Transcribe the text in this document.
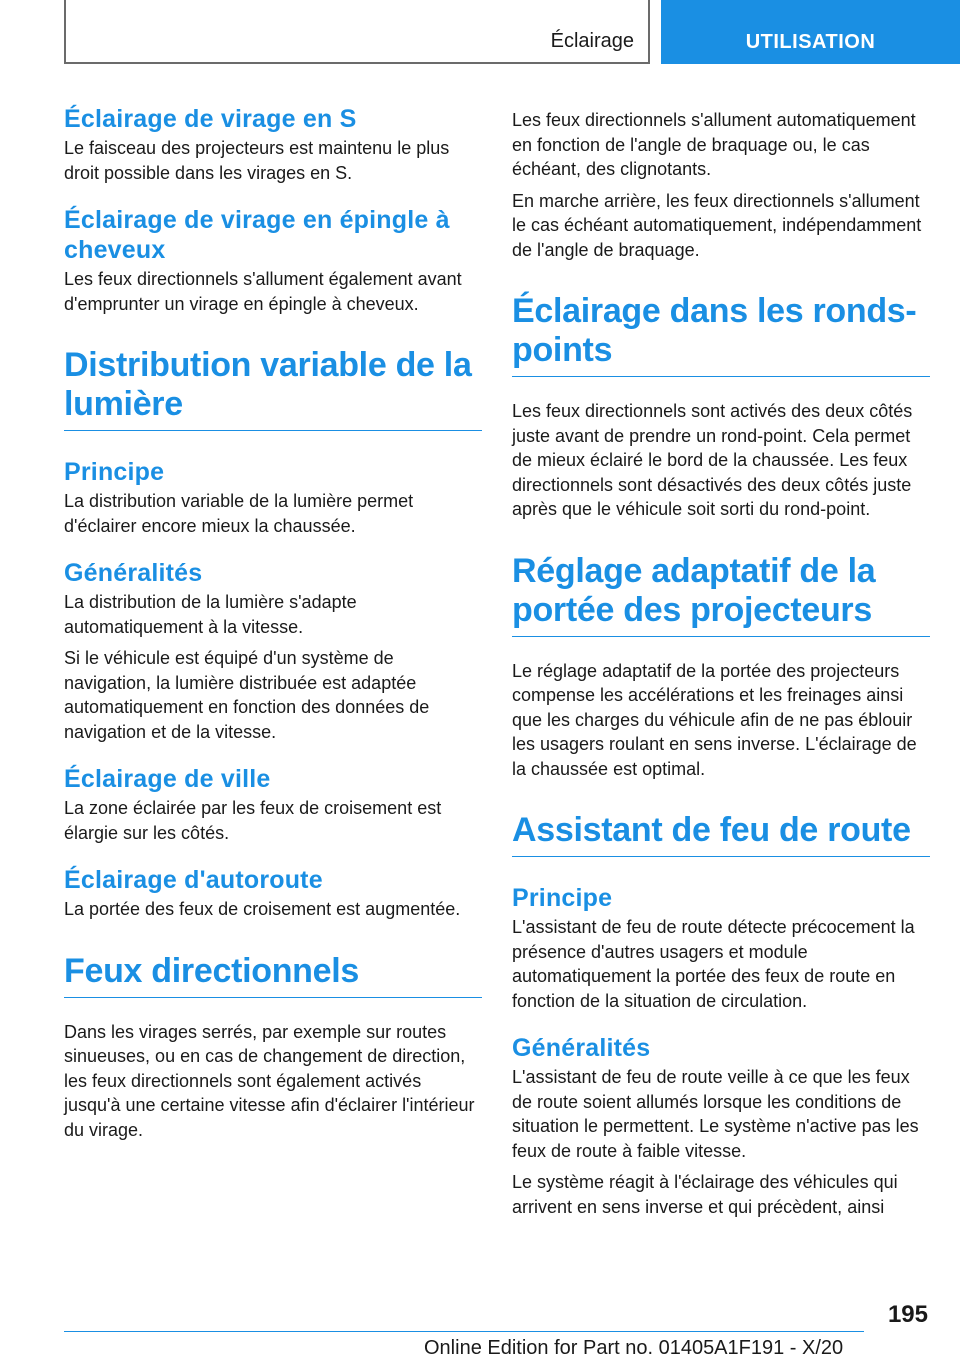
Éclairage	UTILISATION
Éclairage de virage en S
Le faisceau des projecteurs est maintenu le plus droit possible dans les virages en S.
Éclairage de virage en épingle à cheveux
Les feux directionnels s'allument également avant d'emprunter un virage en épingle à cheveux.
Distribution variable de la lumière
Principe
La distribution variable de la lumière permet d'éclairer encore mieux la chaussée.
Généralités
La distribution de la lumière s'adapte automatiquement à la vitesse.
Si le véhicule est équipé d'un système de navigation, la lumière distribuée est adaptée automatiquement en fonction des données de navigation et de la vitesse.
Éclairage de ville
La zone éclairée par les feux de croisement est élargie sur les côtés.
Éclairage d'autoroute
La portée des feux de croisement est augmentée.
Feux directionnels
Dans les virages serrés, par exemple sur routes sinueuses, ou en cas de changement de direction, les feux directionnels sont également activés jusqu'à une certaine vitesse afin d'éclairer l'intérieur du virage.
Les feux directionnels s'allument automatiquement en fonction de l'angle de braquage ou, le cas échéant, des clignotants.
En marche arrière, les feux directionnels s'allument le cas échéant automatiquement, indépendamment de l'angle de braquage.
Éclairage dans les ronds-points
Les feux directionnels sont activés des deux côtés juste avant de prendre un rond-point. Cela permet de mieux éclairé le bord de la chaussée. Les feux directionnels sont désactivés des deux côtés juste après que le véhicule soit sorti du rond-point.
Réglage adaptatif de la portée des projecteurs
Le réglage adaptatif de la portée des projecteurs compense les accélérations et les freinages ainsi que les charges du véhicule afin de ne pas éblouir les usagers roulant en sens inverse. L'éclairage de la chaussée est optimal.
Assistant de feu de route
Principe
L'assistant de feu de route détecte précocement la présence d'autres usagers et module automatiquement la portée des feux de route en fonction de la situation de circulation.
Généralités
L'assistant de feu de route veille à ce que les feux de route soient allumés lorsque les conditions de situation le permettent. Le système n'active pas les feux de route à faible vitesse.
Le système réagit à l'éclairage des véhicules qui arrivent en sens inverse et qui précèdent, ainsi
195
Online Edition for Part no. 01405A1F191 - X/20
